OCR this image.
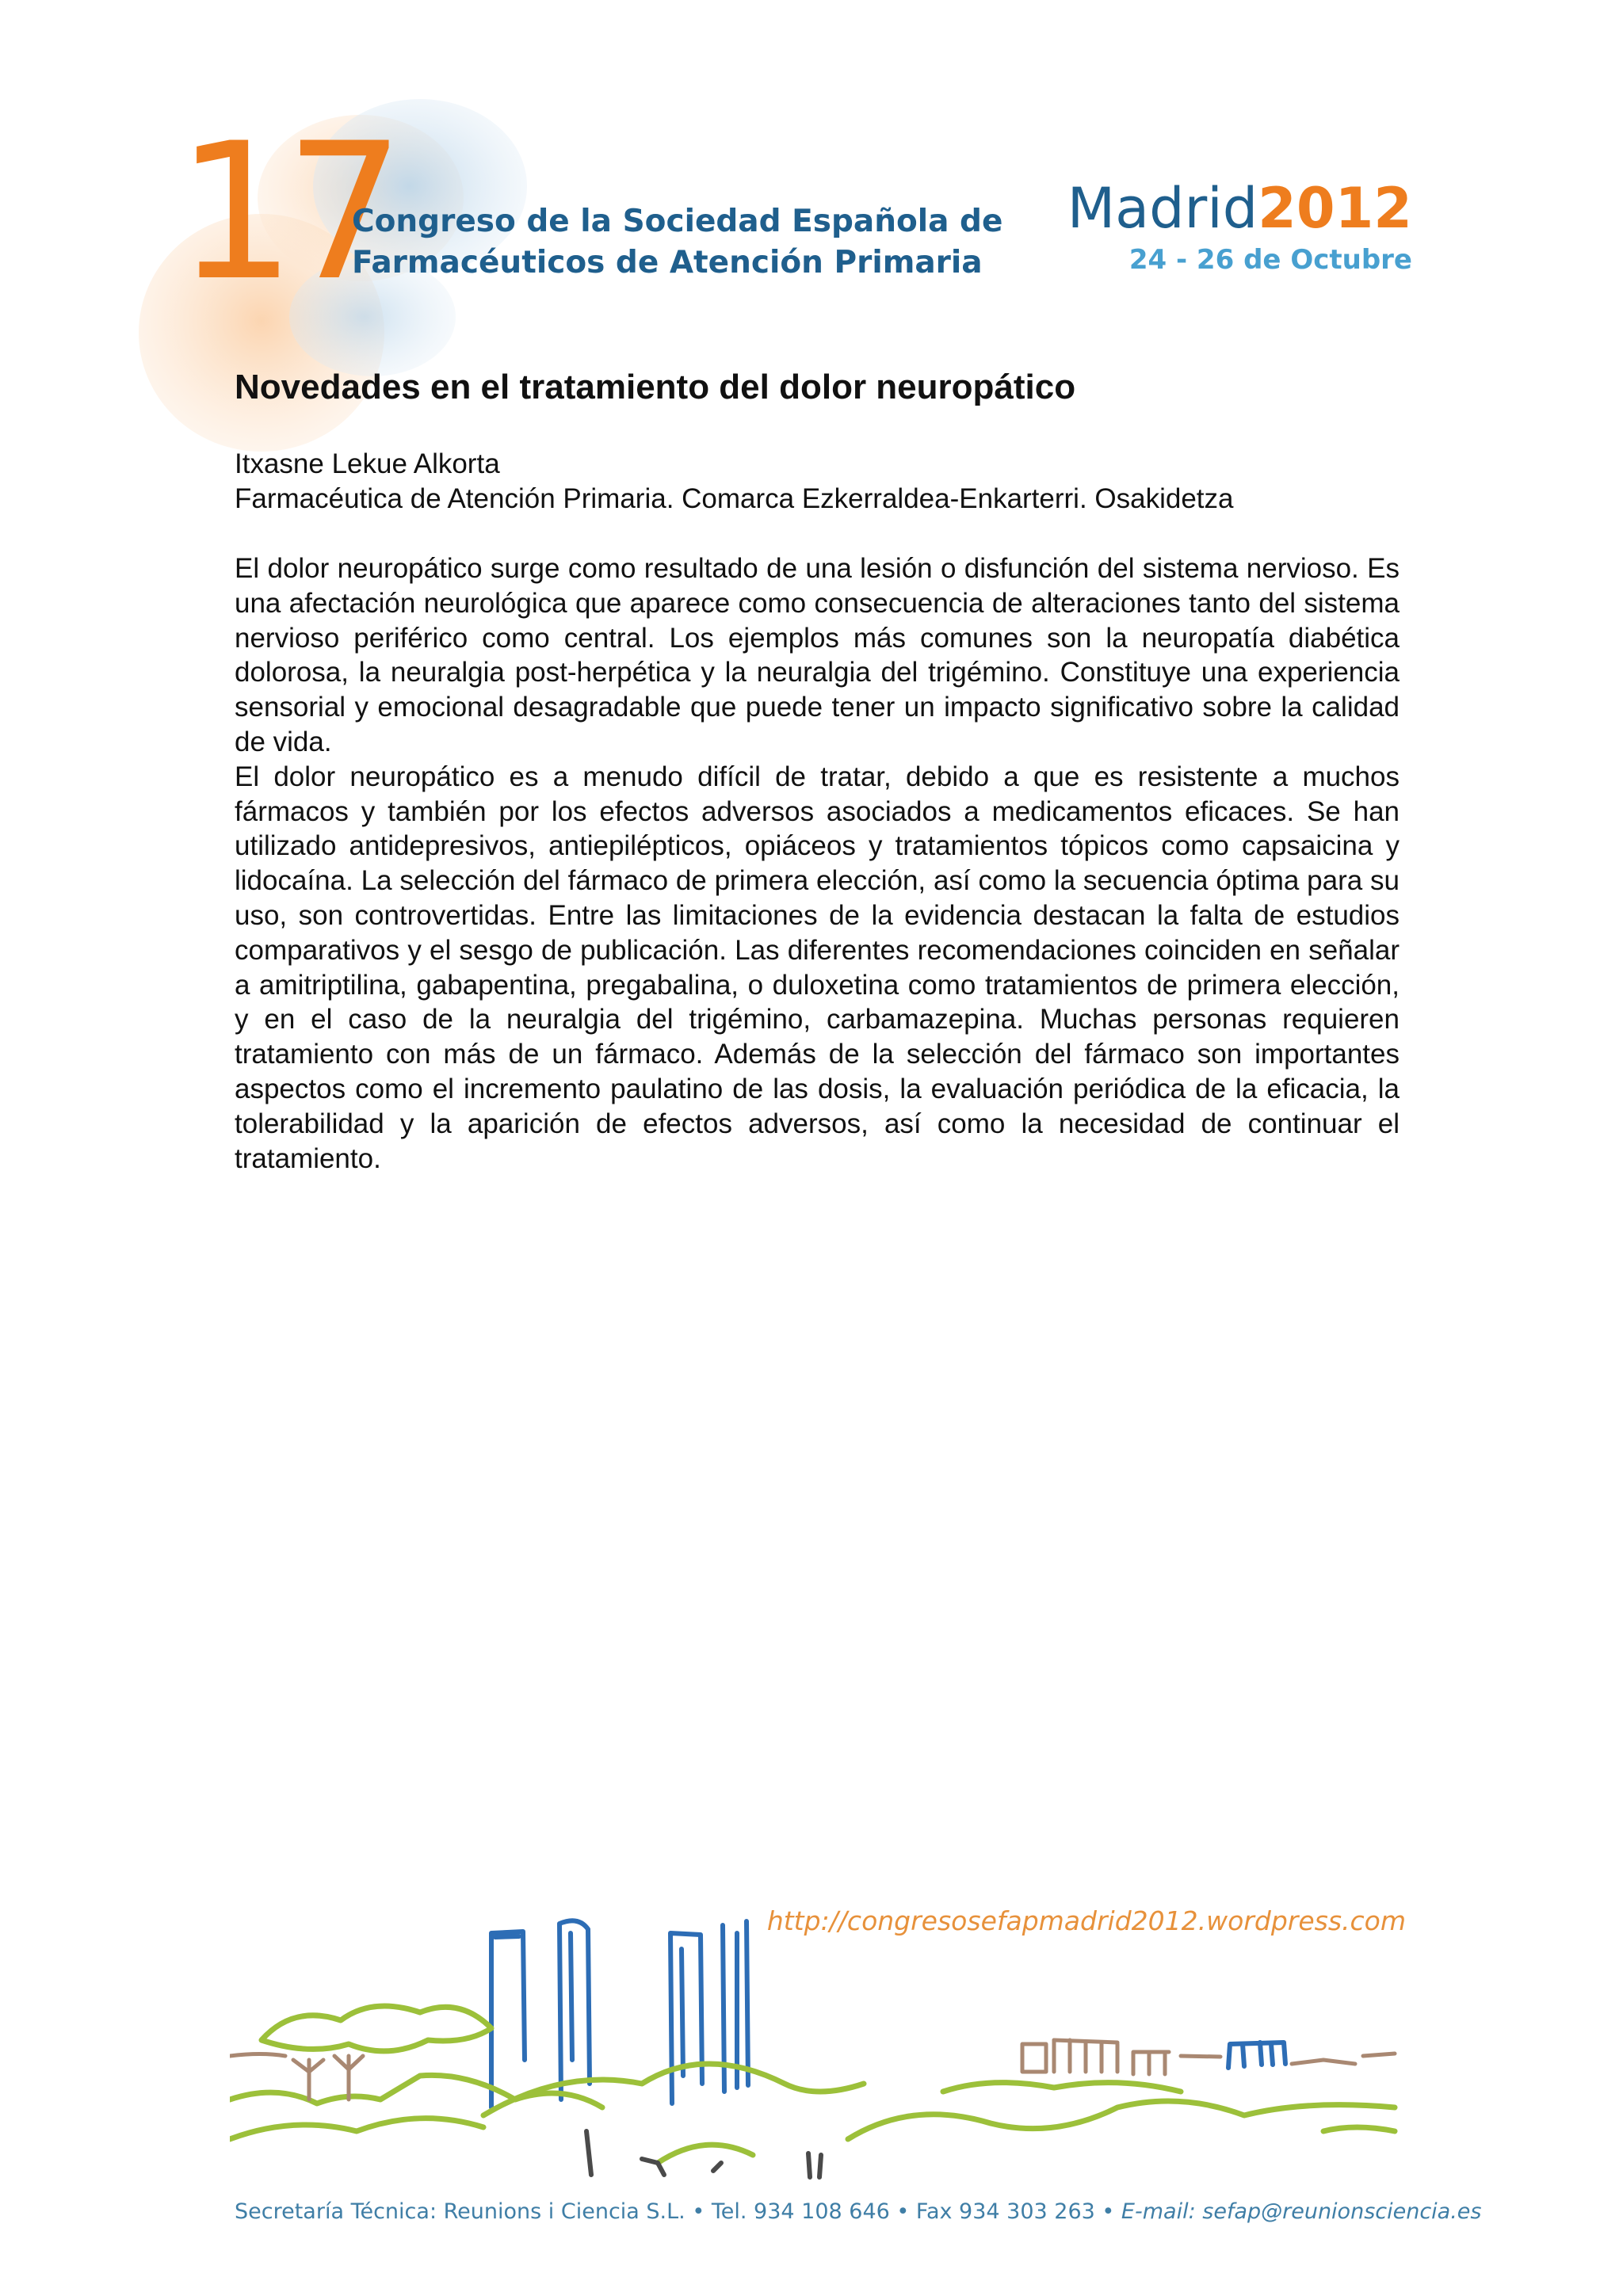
17
Congreso de la Sociedad Española de
Farmacéuticos de Atención Primaria
Madrid2012
24 - 26 de Octubre
Novedades en el tratamiento del dolor neuropático
Itxasne Lekue Alkorta
Farmacéutica de Atención Primaria. Comarca Ezkerraldea-Enkarterri. Osakidetza

El dolor neuropático surge como resultado de una lesión o disfunción del sistema nervioso. Es una afectación neurológica que aparece como consecuencia de alteraciones tanto del sistema nervioso periférico como central. Los ejemplos más comunes son la neuropatía diabética dolorosa, la neuralgia post-herpética y la neuralgia del trigémino. Constituye una experiencia sensorial y emocional desagradable que puede tener un impacto significativo sobre la calidad de vida.

El dolor neuropático es a menudo difícil de tratar, debido a que es resistente a muchos fármacos y también por los efectos adversos asociados a medicamentos eficaces. Se han utilizado antidepresivos, antiepilépticos, opiáceos y tratamientos tópicos como capsaicina y lidocaína. La selección del fármaco de primera elección, así como la secuencia óptima para su uso, son controvertidas. Entre las limitaciones de la evidencia destacan la falta de estudios comparativos y el sesgo de publicación. Las diferentes recomendaciones coinciden en señalar a amitriptilina, gabapentina, pregabalina, o duloxetina como tratamientos de primera elección, y en el caso de la neuralgia del trigémino, carbamazepina. Muchas personas requieren tratamiento con más de un fármaco. Además de la selección del fármaco son importantes aspectos como el incremento paulatino de las dosis, la evaluación periódica de la eficacia, la tolerabilidad y la aparición de efectos adversos, así como la necesidad de continuar el tratamiento.

http://congresosefapmadrid2012.wordpress.com
Secretaría Técnica: Reunions i Ciencia S.L. • Tel. 934 108 646 • Fax 934 303 263 • E-mail: sefap@reunionsciencia.es
